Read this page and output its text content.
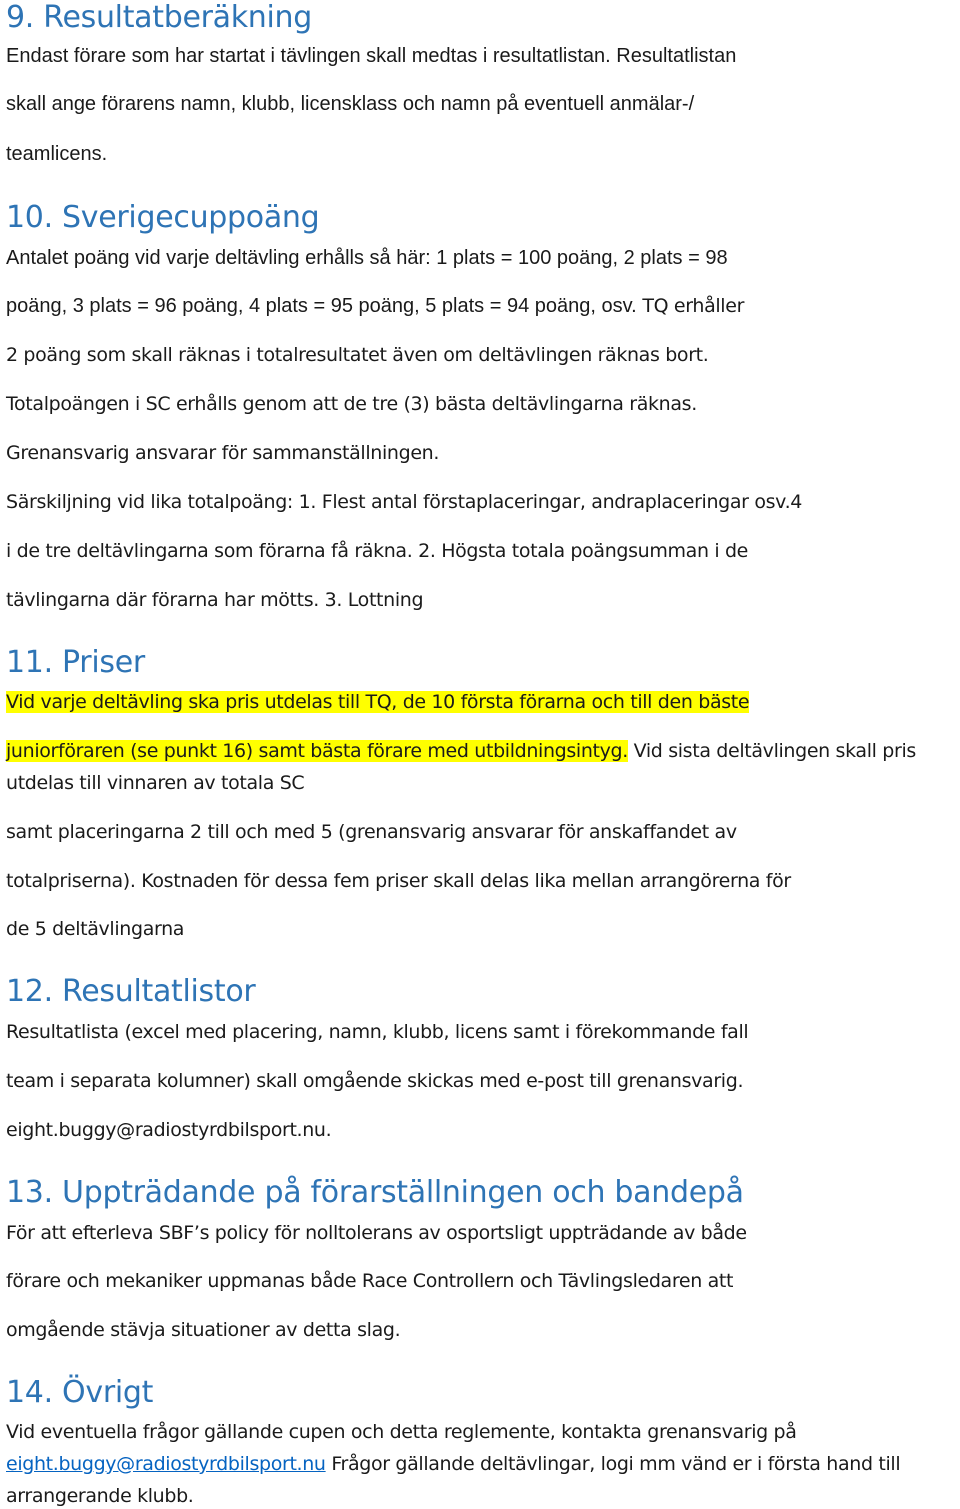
9. Resultatberäkning
Endast förare som har startat i tävlingen skall medtas i resultatlistan. Resultatlistan
skall ange förarens namn, klubb, licensklass och namn på eventuell anmälar-/
teamlicens.
10. Sverigecuppoäng
Antalet poäng vid varje deltävling erhålls så här: 1 plats = 100 poäng, 2 plats = 98
poäng, 3 plats = 96 poäng, 4 plats = 95 poäng, 5 plats = 94 poäng, osv. TQ erhåller
2 poäng som skall räknas i totalresultatet även om deltävlingen räknas bort.
Totalpoängen i SC erhålls genom att de tre (3) bästa deltävlingarna räknas.
Grenansvarig ansvarar för sammanställningen.
Särskiljning vid lika totalpoäng: 1. Flest antal förstaplaceringar, andraplaceringar osv.4
i de tre deltävlingarna som förarna få räkna. 2. Högsta totala poängsumman i de
tävlingarna där förarna har mötts. 3. Lottning
11. Priser
Vid varje deltävling ska pris utdelas till TQ, de 10 första förarna och till den bäste
juniorföraren (se punkt 16) samt bästa förare med utbildningsintyg. Vid sista deltävlingen skall pris
utdelas till vinnaren av totala SC
samt placeringarna 2 till och med 5 (grenansvarig ansvarar för anskaffandet av
totalpriserna). Kostnaden för dessa fem priser skall delas lika mellan arrangörerna för
de 5 deltävlingarna
12. Resultatlistor
Resultatlista (excel med placering, namn, klubb, licens samt i förekommande fall
team i separata kolumner) skall omgående skickas med e-post till grenansvarig.
eight.buggy@radiostyrdbilsport.nu.
13. Uppträdande på förarställningen och bandepå
För att efterleva SBF’s policy för nolltolerans av osportsligt uppträdande av både
förare och mekaniker uppmanas både Race Controllern och Tävlingsledaren att
omgående stävja situationer av detta slag.
14. Övrigt
Vid eventuella frågor gällande cupen och detta reglemente, kontakta grenansvarig på
eight.buggy@radiostyrdbilsport.nu Frågor gällande deltävlingar, logi mm vänd er i första hand till
arrangerande klubb.
